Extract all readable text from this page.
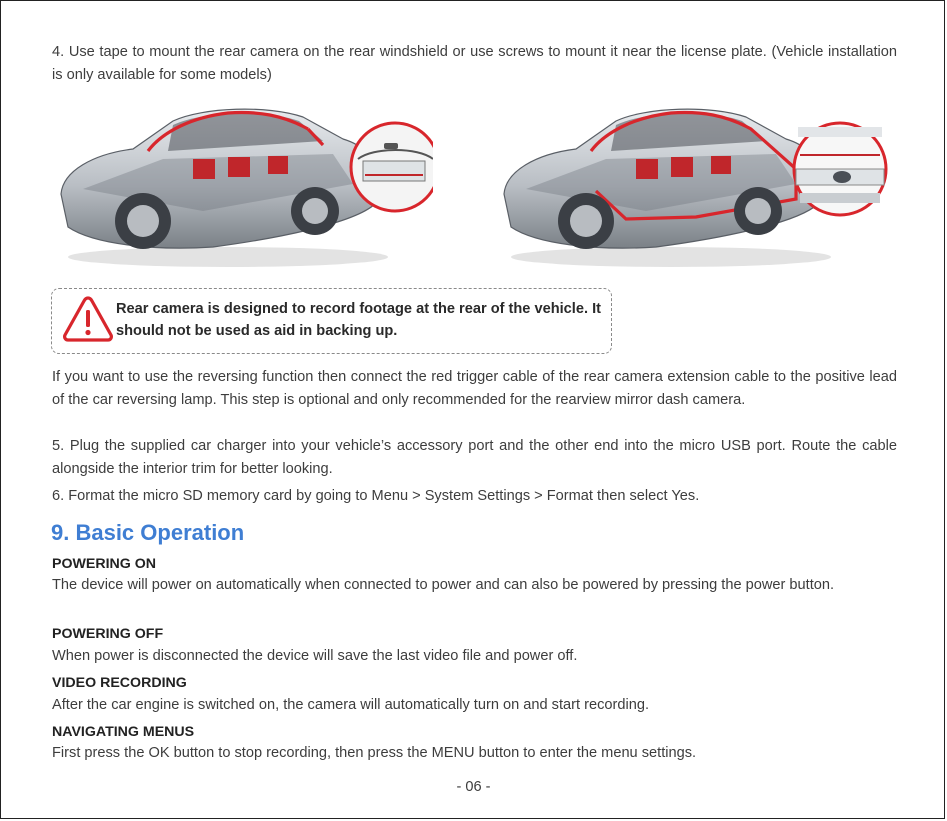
4. Use tape to mount the rear camera on the rear windshield or use screws to mount it near the license plate. (Vehicle installation is only available for some models)

Rear camera is designed to record footage at the rear of the vehicle. It should not be used as aid in backing up.

If you want to use the reversing function then connect the red trigger cable of the rear camera extension cable to the positive lead of the car reversing lamp. This step is optional and only recommended for the rearview mirror dash camera.

5. Plug the supplied car charger into your vehicle’s accessory port and the other end into the micro USB port. Route the cable alongside the interior trim for better looking.

6. Format the micro SD memory card by going to Menu > System Settings > Format then select Yes.

9. Basic Operation
POWERING ON

The device will power on automatically when connected to power and can also be powered by pressing the power button.

POWERING OFF

When power is disconnected the device will save the last video file and power off.

VIDEO RECORDING

After the car engine is switched on, the camera will automatically turn on and start recording.

NAVIGATING MENUS

First press the OK button to stop recording, then press the MENU button to enter the menu settings.

- 06 -
